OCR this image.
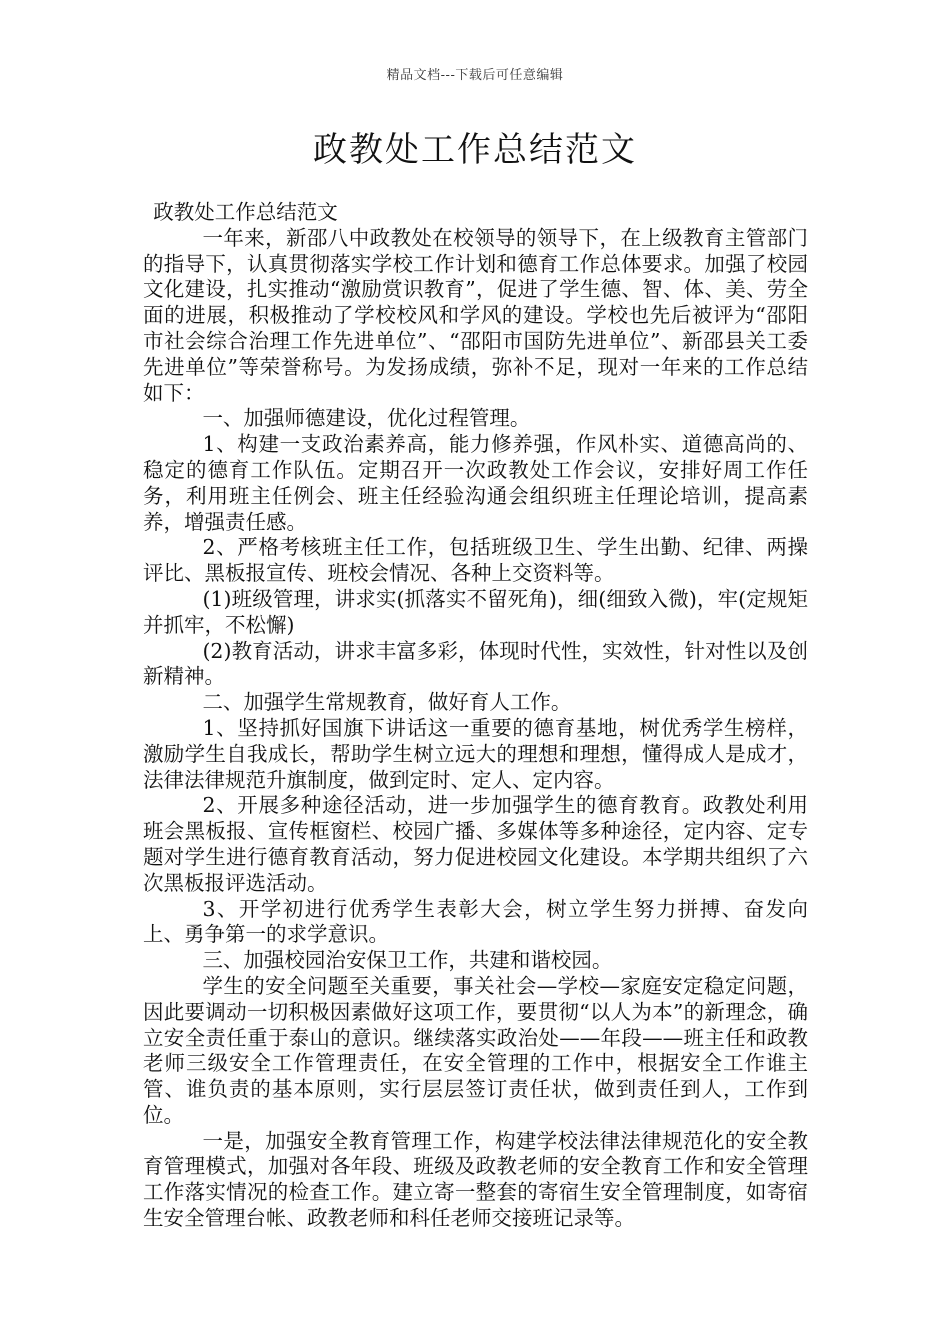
精品文档---下载后可任意编辑
政教处工作总结范文

政教处工作总结范文

一年来，新邵八中政教处在校领导的领导下，在上级教育主管部门的指导下，认真贯彻落实学校工作计划和德育工作总体要求。加强了校园文化建设，扎实推动“激励赏识教育”，促进了学生德、智、体、美、劳全面的进展，积极推动了学校校风和学风的建设。学校也先后被评为“邵阳市社会综合治理工作先进单位”、“邵阳市国防先进单位”、新邵县关工委先进单位”等荣誉称号。为发扬成绩，弥补不足，现对一年来的工作总结如下：

一、加强师德建设，优化过程管理。

1、构建一支政治素养高，能力修养强，作风朴实、道德高尚的、稳定的德育工作队伍。定期召开一次政教处工作会议，安排好周工作任务，利用班主任例会、班主任经验沟通会组织班主任理论培训，提高素养，增强责任感。

2、严格考核班主任工作，包括班级卫生、学生出勤、纪律、两操评比、黑板报宣传、班校会情况、各种上交资料等。

(1)班级管理，讲求实(抓落实不留死角)，细(细致入微)，牢(定规矩并抓牢，不松懈)

(2)教育活动，讲求丰富多彩，体现时代性，实效性，针对性以及创新精神。

二、加强学生常规教育，做好育人工作。

1、坚持抓好国旗下讲话这一重要的德育基地，树优秀学生榜样，激励学生自我成长，帮助学生树立远大的理想和理想，懂得成人是成才，法律法律规范升旗制度，做到定时、定人、定内容。

2、开展多种途径活动，进一步加强学生的德育教育。政教处利用班会黑板报、宣传框窗栏、校园广播、多媒体等多种途径，定内容、定专题对学生进行德育教育活动，努力促进校园文化建设。本学期共组织了六次黑板报评选活动。

3、开学初进行优秀学生表彰大会，树立学生努力拼搏、奋发向上、勇争第一的求学意识。

三、加强校园治安保卫工作，共建和谐校园。

学生的安全问题至关重要，事关社会—学校—家庭安定稳定问题，因此要调动一切积极因素做好这项工作，要贯彻“以人为本”的新理念，确立安全责任重于泰山的意识。继续落实政治处——年段——班主任和政教老师三级安全工作管理责任，在安全管理的工作中，根据安全工作谁主管、谁负责的基本原则，实行层层签订责任状，做到责任到人，工作到位。

一是，加强安全教育管理工作，构建学校法律法律规范化的安全教育管理模式，加强对各年段、班级及政教老师的安全教育工作和安全管理工作落实情况的检查工作。建立寄一整套的寄宿生安全管理制度，如寄宿生安全管理台帐、政教老师和科任老师交接班记录等。
